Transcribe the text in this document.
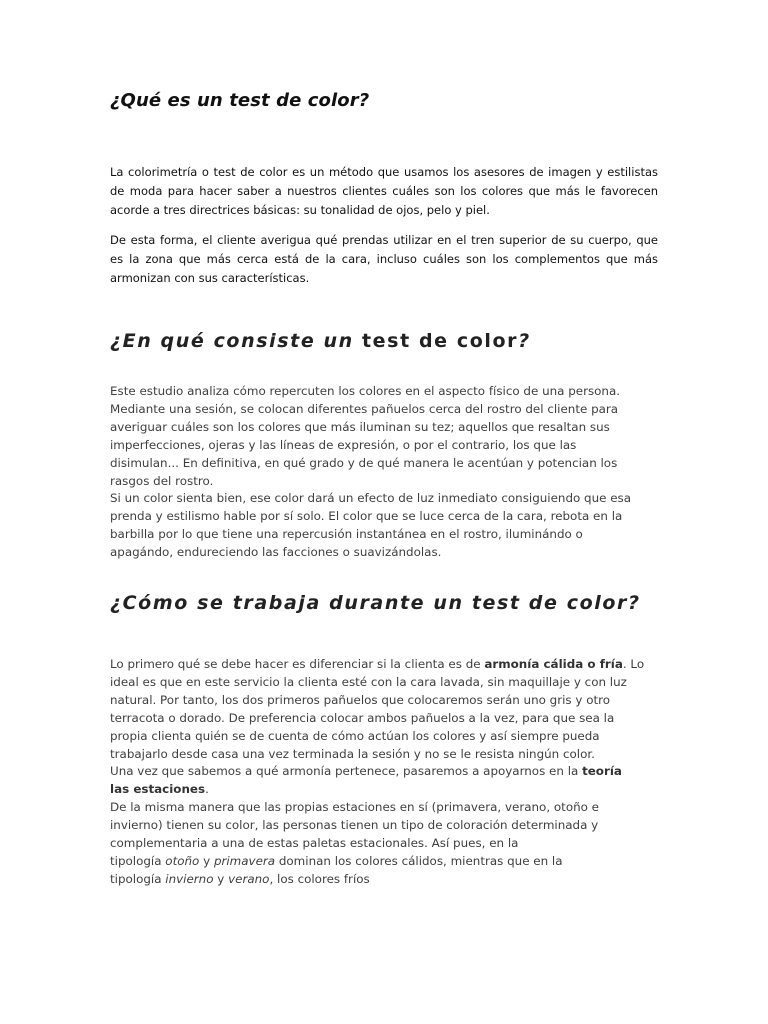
¿Qué es un test de color?

La colorimetría o test de color es un método que usamos los asesores de imagen y estilistas de moda para hacer saber a nuestros clientes cuáles son los colores que más le favorecen acorde a tres directrices básicas: su tonalidad de ojos, pelo y piel.

De esta forma, el cliente averigua qué prendas utilizar en el tren superior de su cuerpo, que es la zona que más cerca está de la cara, incluso cuáles son los complementos que más armonizan con sus características.

¿En qué consiste un test de color?
Este estudio analiza cómo repercuten los colores en el aspecto físico de una persona.
Mediante una sesión, se colocan diferentes pañuelos cerca del rostro del cliente para
averiguar cuáles son los colores que más iluminan su tez; aquellos que resaltan sus
imperfecciones, ojeras y las líneas de expresión, o por el contrario, los que las
disimulan... En definitiva, en qué grado y de qué manera le acentúan y potencian los
rasgos del rostro.
Si un color sienta bien, ese color dará un efecto de luz inmediato consiguiendo que esa
prenda y estilismo hable por sí solo. El color que se luce cerca de la cara, rebota en la
barbilla por lo que tiene una repercusión instantánea en el rostro, iluminándo o
apagándo, endureciendo las facciones o suavizándolas.
¿Cómo se trabaja durante un test de color?
Lo primero qué se debe hacer es diferenciar si la clienta es de armonía cálida o fría. Lo
ideal es que en este servicio la clienta esté con la cara lavada, sin maquillaje y con luz
natural. Por tanto, los dos primeros pañuelos que colocaremos serán uno gris y otro
terracota o dorado. De preferencia colocar ambos pañuelos a la vez, para que sea la
propia clienta quién se de cuenta de cómo actúan los colores y así siempre pueda
trabajarlo desde casa una vez terminada la sesión y no se le resista ningún color.
Una vez que sabemos a qué armonía pertenece, pasaremos a apoyarnos en la teoría
las estaciones.
De la misma manera que las propias estaciones en sí (primavera, verano, otoño e
invierno) tienen su color, las personas tienen un tipo de coloración determinada y
complementaria a una de estas paletas estacionales. Así pues, en la
tipología otoño y primavera dominan los colores cálidos, mientras que en la
tipología invierno y verano, los colores fríos
